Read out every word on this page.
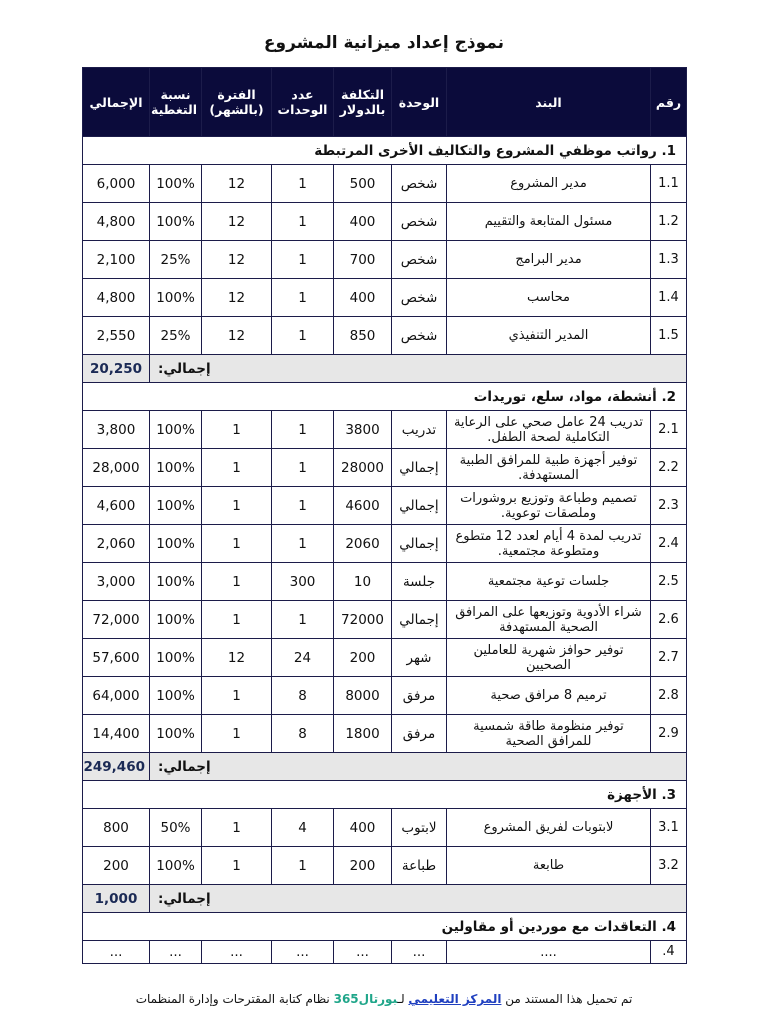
نموذج إعداد ميزانية المشروع
رقم	البند	الوحدة	التكلفة بالدولار	عدد الوحدات	الفترة (بالشهر)	نسبة التغطية	الإجمالي
1. رواتب موظفي المشروع والتكاليف الأخرى المرتبطة							
1.1	مدير المشروع	شخص	500	1	12	100%	6,000
1.2	مسئول المتابعة والتقييم	شخص	400	1	12	100%	4,800
1.3	مدير البرامج	شخص	700	1	12	25%	2,100
1.4	محاسب	شخص	400	1	12	100%	4,800
1.5	المدير التنفيذي	شخص	850	1	12	25%	2,550
إجمالي:							20,250
2. أنشطة، مواد، سلع، توريدات							
2.1	تدريب 24 عامل صحي على الرعاية التكاملية لصحة الطفل.	تدريب	3800	1	1	100%	3,800
2.2	توفير أجهزة طبية للمرافق الطبية المستهدفة.	إجمالي	28000	1	1	100%	28,000
2.3	تصميم وطباعة وتوزيع بروشورات وملصقات توعوية.	إجمالي	4600	1	1	100%	4,600
2.4	تدريب لمدة 4 أيام لعدد 12 متطوع ومتطوعة مجتمعية.	إجمالي	2060	1	1	100%	2,060
2.5	جلسات توعية مجتمعية	جلسة	10	300	1	100%	3,000
2.6	شراء الأدوية وتوزيعها على المرافق الصحية المستهدفة	إجمالي	72000	1	1	100%	72,000
2.7	توفير حوافز شهرية للعاملين الصحيين	شهر	200	24	12	100%	57,600
2.8	ترميم 8 مرافق صحية	مرفق	8000	8	1	100%	64,000
2.9	توفير منظومة طاقة شمسية للمرافق الصحية	مرفق	1800	8	1	100%	14,400
إجمالي:							249,460
3. الأجهزة							
3.1	لابتوبات لفريق المشروع	لابتوب	400	4	1	50%	800
3.2	طابعة	طباعة	200	1	1	100%	200
إجمالي:							1,000
4. التعاقدات مع موردين أو مقاولين							
4.	....	...	...	...	...	...	...
تم تحميل هذا المستند من المركز التعليمي لـبورتال365 نظام كتابة المقترحات وإدارة المنظمات
